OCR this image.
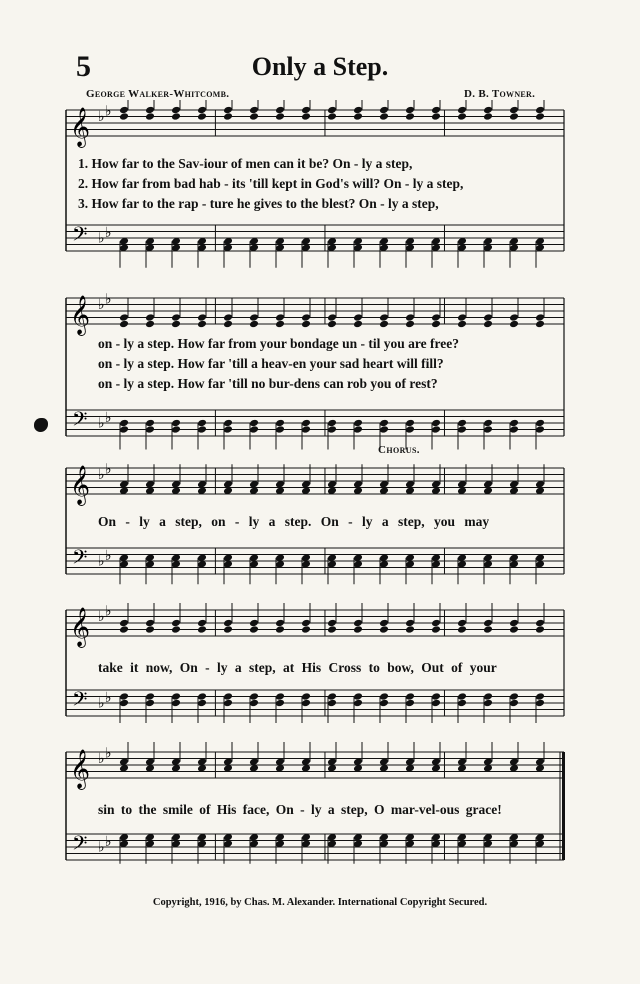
5	Only a Step.
George Walker-Whitcomb.	D. B. Towner.
𝄞
𝄢
♭ ♭
♭ ♭
1. How far to the Sav-iour of men can it be? On - ly a step,
2. How far from bad hab - its 'till kept in God's will? On - ly a step,
3. How far to the rap - ture he gives to the blest? On - ly a step,
𝄞
𝄢
♭ ♭
♭ ♭
on - ly a step. How far from your bondage un - til you are free?
on - ly a step. How far 'till a heav-en your sad heart will fill?
on - ly a step. How far 'till no bur-dens can rob you of rest?
𝄞
𝄢
♭ ♭
♭ ♭
Chorus.
On - ly a step, on - ly a step. On - ly a step, you may
𝄞
𝄢
♭ ♭
♭ ♭
take it now, On - ly a step, at His Cross to bow, Out of your
𝄞
𝄢
♭ ♭
♭ ♭
sin to the smile of His face, On - ly a step, O mar-vel-ous grace!
Copyright, 1916, by Chas. M. Alexander. International Copyright Secured.
